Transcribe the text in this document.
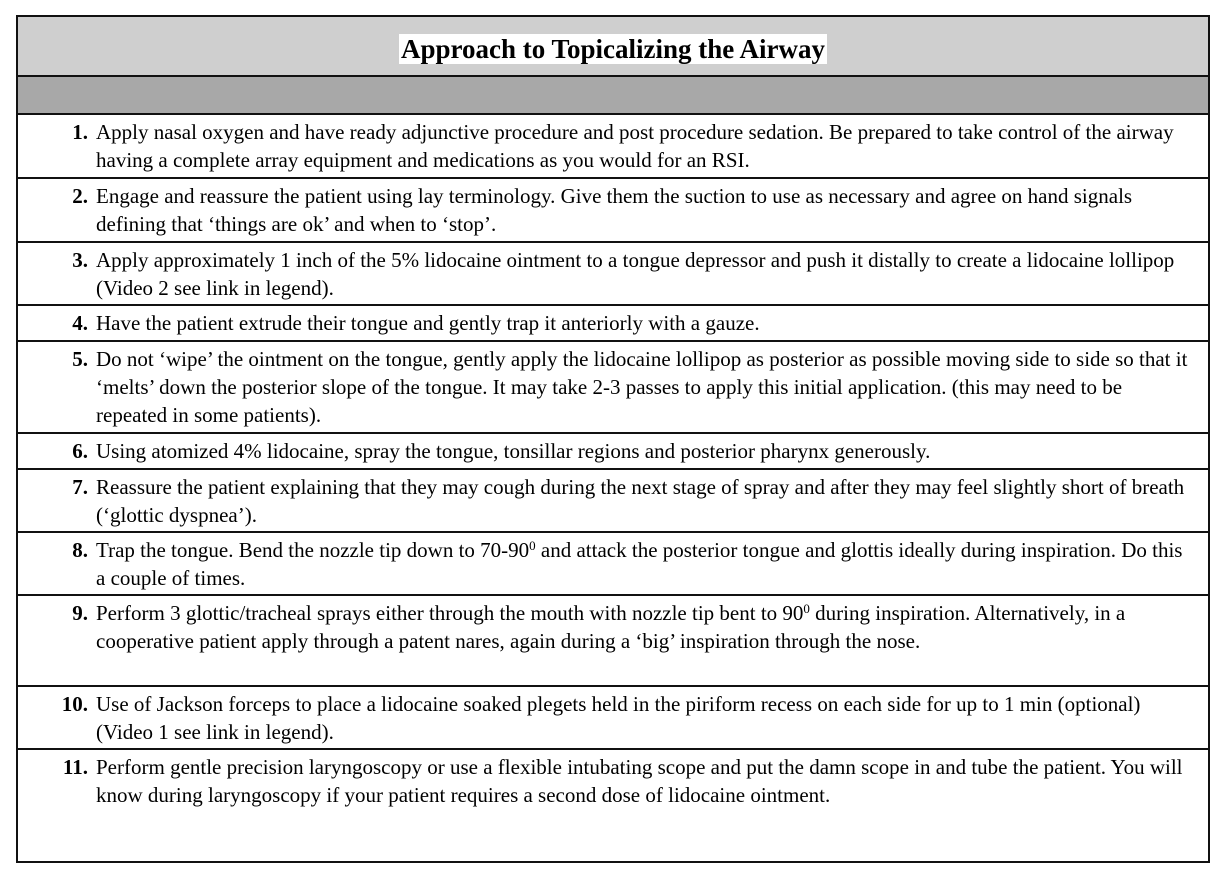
Approach to Topicalizing the Airway
1. Apply nasal oxygen and have ready adjunctive procedure and post procedure sedation. Be prepared to take control of the airway having a complete array equipment and medications as you would for an RSI.
2. Engage and reassure the patient using lay terminology. Give them the suction to use as necessary and agree on hand signals defining that ‘things are ok’ and when to ‘stop’.
3. Apply approximately 1 inch of the 5% lidocaine ointment to a tongue depressor and push it distally to create a lidocaine lollipop (Video 2 see link in legend).
4. Have the patient extrude their tongue and gently trap it anteriorly with a gauze.
5. Do not ‘wipe’ the ointment on the tongue, gently apply the lidocaine lollipop as posterior as possible moving side to side so that it ‘melts’ down the posterior slope of the tongue. It may take 2-3 passes to apply this initial application. (this may need to be repeated in some patients).
6. Using atomized 4% lidocaine, spray the tongue, tonsillar regions and posterior pharynx generously.
7. Reassure the patient explaining that they may cough during the next stage of spray and after they may feel slightly short of breath (‘glottic dyspnea’).
8. Trap the tongue. Bend the nozzle tip down to $70-90^0$ and attack the posterior tongue and glottis ideally during inspiration. Do this a couple of times.
9. Perform 3 glottic/tracheal sprays either through the mouth with nozzle tip bent to $90^0$ during inspiration. Alternatively, in a cooperative patient apply through a patent nares, again during a ‘big’ inspiration through the nose.
10. Use of Jackson forceps to place a lidocaine soaked plegets held in the piriform recess on each side for up to 1 min (optional) (Video 1 see link in legend).
11. Perform gentle precision laryngoscopy or use a flexible intubating scope and put the damn scope in and tube the patient. You will know during laryngoscopy if your patient requires a second dose of lidocaine ointment.
